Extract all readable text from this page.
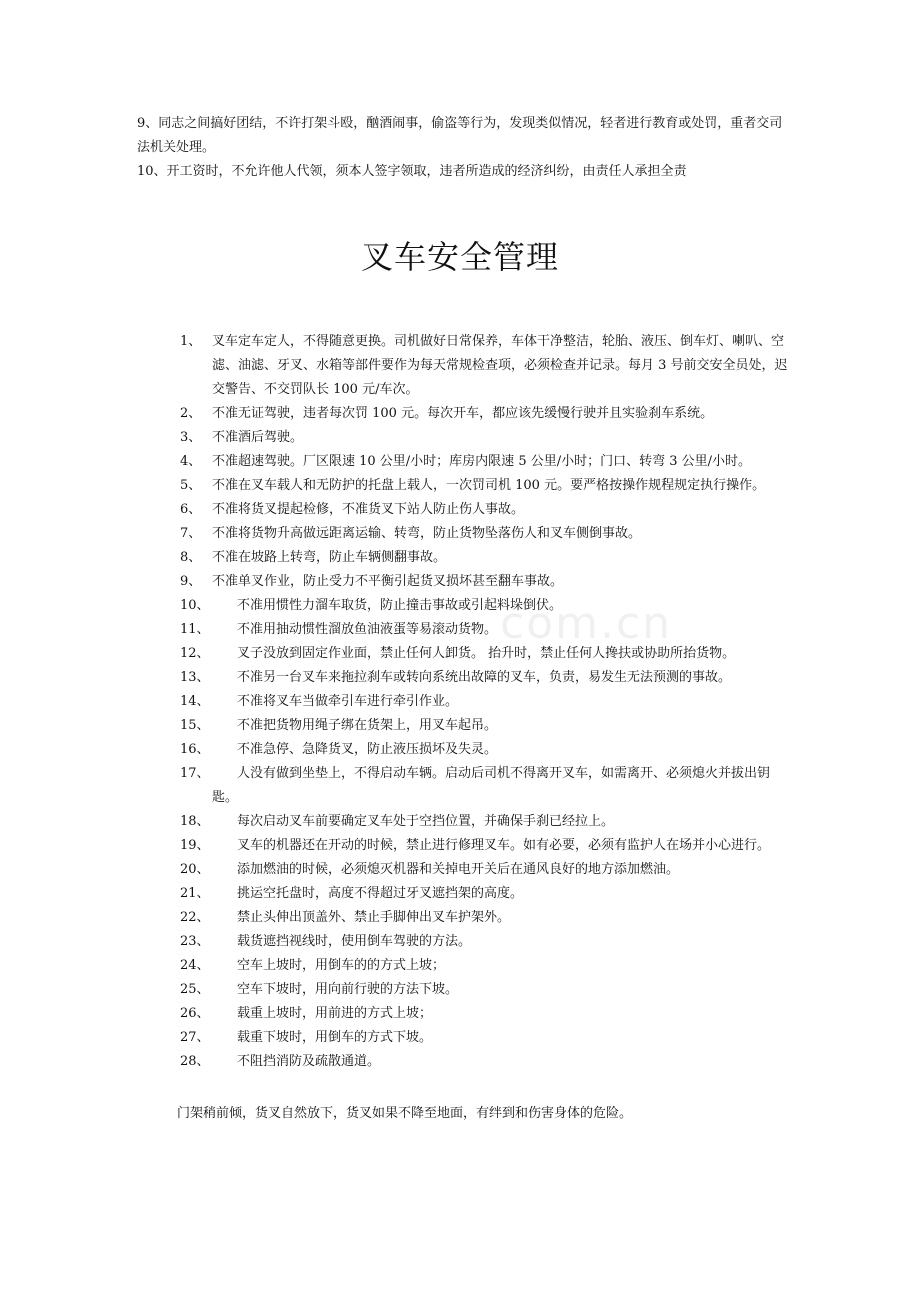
com.cn

9、同志之间搞好团结，不许打架斗殴，酗酒闹事，偷盗等行为，发现类似情况，轻者进行教育或处罚，重者交司法机关处理。

10、开工资时，不允许他人代领，须本人签字领取，违者所造成的经济纠纷，由责任人承担全责

叉车安全管理
1、 叉车定车定人，不得随意更换。司机做好日常保养，车体干净整洁，轮胎、液压、倒车灯、喇叭、空滤、油滤、牙叉、水箱等部件要作为每天常规检查项，必须检查并记录。每月 3 号前交安全员处，迟交警告、不交罚队长 100 元/车次。
2、 不准无证驾驶，违者每次罚 100 元。每次开车，都应该先缓慢行驶并且实验刹车系统。
3、 不准酒后驾驶。
4、 不准超速驾驶。厂区限速 10 公里/小时；库房内限速 5 公里/小时；门口、转弯 3 公里/小时。
5、 不准在叉车载人和无防护的托盘上载人，一次罚司机 100 元。要严格按操作规程规定执行操作。
6、 不准将货叉提起检修，不准货叉下站人防止伤人事故。
7、 不准将货物升高做远距离运输、转弯，防止货物坠落伤人和叉车侧倒事故。
8、 不准在坡路上转弯，防止车辆侧翻事故。
9、 不准单叉作业，防止受力不平衡引起货叉损坏甚至翻车事故。
10、	不准用惯性力溜车取货，防止撞击事故或引起料垛倒伏。
11、	不准用抽动惯性溜放鱼油液蛋等易滚动货物。
12、	叉子没放到固定作业面，禁止任何人卸货。 抬升时，禁止任何人搀扶或协助所抬货物。
13、	不准另一台叉车来拖拉刹车或转向系统出故障的叉车，负责，易发生无法预测的事故。
14、	不准将叉车当做牵引车进行牵引作业。
15、	不准把货物用绳子绑在货架上，用叉车起吊。
16、	不准急停、急降货叉，防止液压损坏及失灵。
17、	人没有做到坐垫上，不得启动车辆。启动后司机不得离开叉车，如需离开、必须熄火并拔出钥匙。
18、	每次启动叉车前要确定叉车处于空挡位置，并确保手刹已经拉上。
19、	叉车的机器还在开动的时候，禁止进行修理叉车。如有必要，必须有监护人在场并小心进行。
20、	添加燃油的时候，必须熄灭机器和关掉电开关后在通风良好的地方添加燃油。
21、	挑运空托盘时，高度不得超过牙叉遮挡架的高度。
22、	禁止头伸出顶盖外、禁止手脚伸出叉车护架外。
23、	载货遮挡视线时，使用倒车驾驶的方法。
24、	空车上坡时，用倒车的的方式上坡；
25、	空车下坡时，用向前行驶的方法下坡。
26、	载重上坡时，用前进的方式上坡；
27、	载重下坡时，用倒车的方式下坡。
28、	不阻挡消防及疏散通道。
门架稍前倾，货叉自然放下，货叉如果不降至地面，有绊到和伤害身体的危险。
